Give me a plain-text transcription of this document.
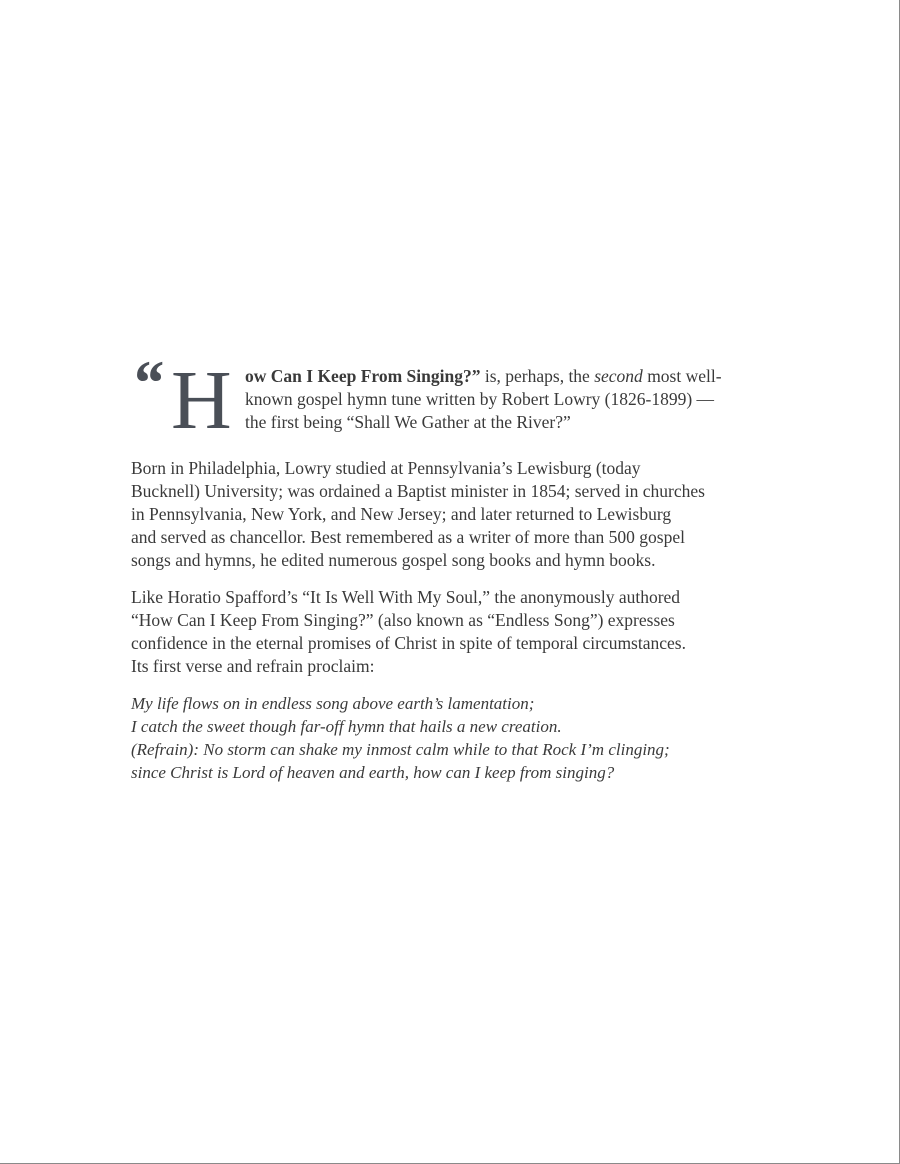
“ H ow Can I Keep From Singing?” is, perhaps, the second most well-
known gospel hymn tune written by Robert Lowry (1826-1899) —
the first being “Shall We Gather at the River?”

Born in Philadelphia, Lowry studied at Pennsylvania’s Lewisburg (today
Bucknell) University; was ordained a Baptist minister in 1854; served in churches
in Pennsylvania, New York, and New Jersey; and later returned to Lewisburg
and served as chancellor. Best remembered as a writer of more than 500 gospel
songs and hymns, he edited numerous gospel song books and hymn books.

Like Horatio Spafford’s “It Is Well With My Soul,” the anonymously authored
“How Can I Keep From Singing?” (also known as “Endless Song”) expresses
confidence in the eternal promises of Christ in spite of temporal circumstances.
Its first verse and refrain proclaim:

My life flows on in endless song above earth’s lamentation;
I catch the sweet though far-off hymn that hails a new creation.
(Refrain): No storm can shake my inmost calm while to that Rock I’m clinging;
since Christ is Lord of heaven and earth, how can I keep from singing?
